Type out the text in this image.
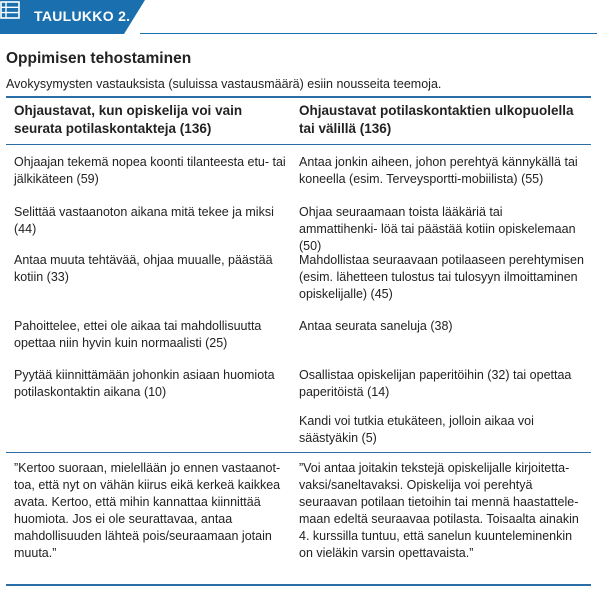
TAULUKKO 2.
Oppimisen tehostaminen
Avokysymysten vastauksista (suluissa vastausmäärä) esiin nousseita teemoja.
Ohjaustavat, kun opiskelija voi vain seurata potilaskontakteja (136)
Ohjaustavat potilaskontaktien ulkopuolella tai välillä (136)
Ohjaajan tekemä nopea koonti tilanteesta etu- tai jälkikäteen (59)
Selittää vastaanoton aikana mitä tekee ja miksi (44)
Antaa muuta tehtävää, ohjaa muualle, päästää kotiin (33)
Pahoittelee, ettei ole aikaa tai mahdollisuutta opettaa niin hyvin kuin normaalisti (25)
Pyytää kiinnittämään johonkin asiaan huomiota potilaskontaktin aikana (10)
Antaa jonkin aiheen, johon perehtyä kännykällä tai koneella (esim. Terveysportti-mobiilista) (55)
Ohjaa seuraamaan toista lääkäriä tai ammattihenki- löä tai päästää kotiin opiskelemaan (50)
Mahdollistaa seuraavaan potilaaseen perehtymisen (esim. lähetteen tulostus tai tulosyyn ilmoittaminen opiskelijalle) (45)
Antaa seurata saneluja (38)
Osallistaa opiskelijan paperitöihin (32) tai opettaa paperitöistä (14)
Kandi voi tutkia etukäteen, jolloin aikaa voi säästyäkin (5)
”Kertoo suoraan, mielellään jo ennen vastaanot- toa, että nyt on vähän kiirus eikä kerkeä kaikkea avata. Kertoo, että mihin kannattaa kiinnittää huomiota. Jos ei ole seurattavaa, antaa mahdollisuuden lähteä pois/seuraamaan jotain muuta.”
”Voi antaa joitakin tekstejä opiskelijalle kirjoitetta- vaksi/saneltavaksi. Opiskelija voi perehtyä seuraavan potilaan tietoihin tai mennä haastattele- maan edeltä seuraavaa potilasta. Toisaalta ainakin 4. kurssilla tuntuu, että sanelun kuunteleminenkin on vieläkin varsin opettavaista.”
